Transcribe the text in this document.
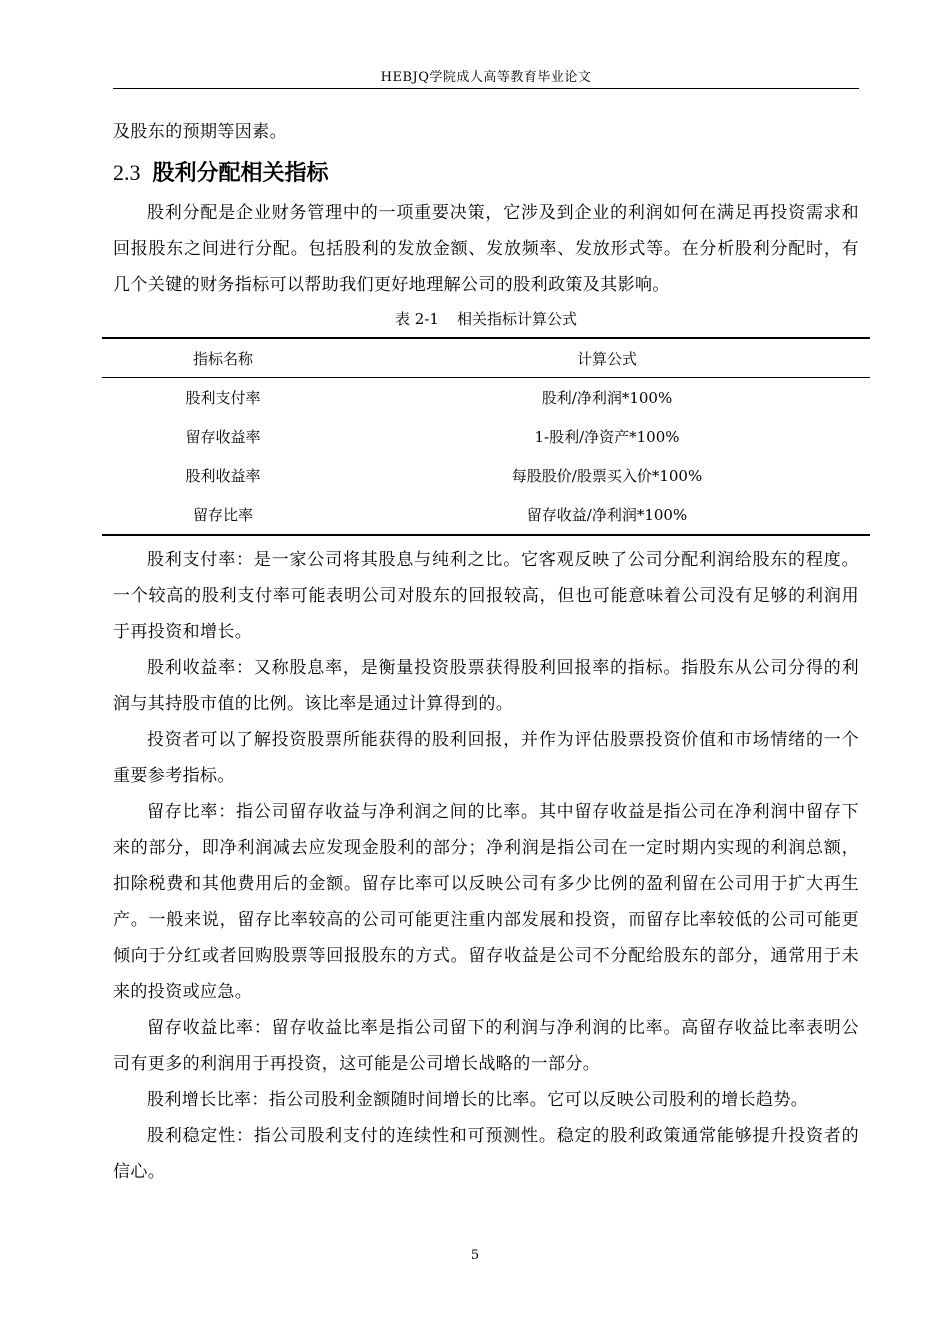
HEBJQ学院成人高等教育毕业论文

及股东的预期等因素。

2.3 股利分配相关指标

股利分配是企业财务管理中的一项重要决策，它涉及到企业的利润如何在满足再投资需求和回报股东之间进行分配。包括股利的发放金额、发放频率、发放形式等。在分析股利分配时，有几个关键的财务指标可以帮助我们更好地理解公司的股利政策及其影响。

表 2-1 相关指标计算公式
指标名称	计算公式
股利支付率	股利/净利润*100%
留存收益率	1-股利/净资产*100%
股利收益率	每股股价/股票买入价*100%
留存比率	留存收益/净利润*100%

股利支付率：是一家公司将其股息与纯利之比。它客观反映了公司分配利润给股东的程度。一个较高的股利支付率可能表明公司对股东的回报较高，但也可能意味着公司没有足够的利润用于再投资和增长。

股利收益率：又称股息率，是衡量投资股票获得股利回报率的指标。指股东从公司分得的利润与其持股市值的比例。该比率是通过计算得到的。

投资者可以了解投资股票所能获得的股利回报，并作为评估股票投资价值和市场情绪的一个重要参考指标。

留存比率：指公司留存收益与净利润之间的比率。其中留存收益是指公司在净利润中留存下来的部分，即净利润减去应发现金股利的部分；净利润是指公司在一定时期内实现的利润总额，扣除税费和其他费用后的金额。留存比率可以反映公司有多少比例的盈利留在公司用于扩大再生产。一般来说，留存比率较高的公司可能更注重内部发展和投资，而留存比率较低的公司可能更倾向于分红或者回购股票等回报股东的方式。留存收益是公司不分配给股东的部分，通常用于未来的投资或应急。

留存收益比率：留存收益比率是指公司留下的利润与净利润的比率。高留存收益比率表明公司有更多的利润用于再投资，这可能是公司增长战略的一部分。

股利增长比率：指公司股利金额随时间增长的比率。它可以反映公司股利的增长趋势。

股利稳定性：指公司股利支付的连续性和可预测性。稳定的股利政策通常能够提升投资者的信心。

5
